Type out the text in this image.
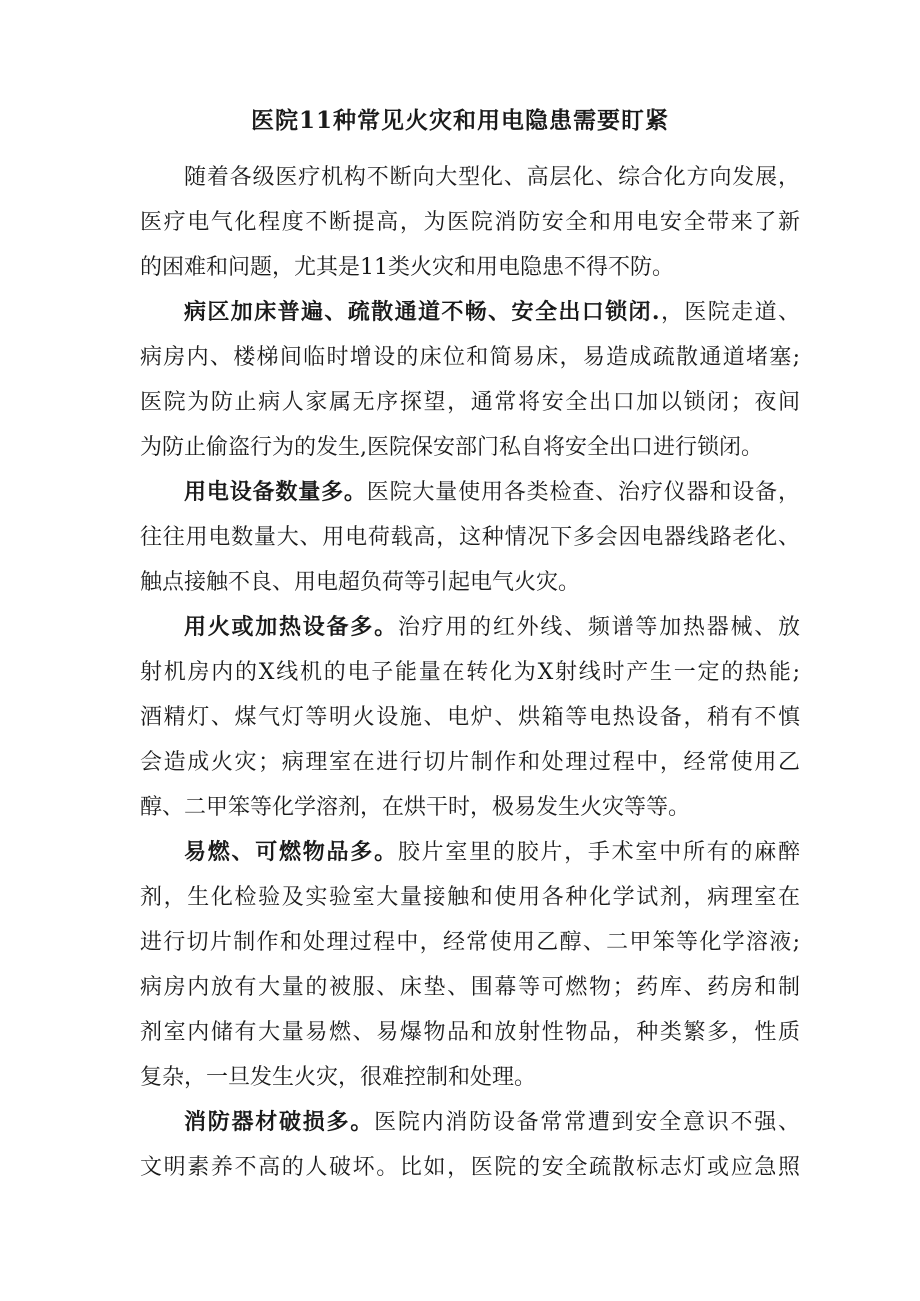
医院11种常见火灾和用电隐患需要盯紧
随着各级医疗机构不断向大型化、高层化、综合化方向发展，
医疗电气化程度不断提高，为医院消防安全和用电安全带来了新
的困难和问题，尤其是11类火灾和用电隐患不得不防。
病区加床普遍、疏散通道不畅、安全出口锁闭.，医院走道、
病房内、楼梯间临时增设的床位和简易床，易造成疏散通道堵塞;
医院为防止病人家属无序探望，通常将安全出口加以锁闭；夜间
为防止偷盗行为的发生,医院保安部门私自将安全出口进行锁闭。
用电设备数量多。医院大量使用各类检查、治疗仪器和设备，
往往用电数量大、用电荷载高，这种情况下多会因电器线路老化、
触点接触不良、用电超负荷等引起电气火灾。
用火或加热设备多。治疗用的红外线、频谱等加热器械、放
射机房内的X线机的电子能量在转化为X射线时产生一定的热能;
酒精灯、煤气灯等明火设施、电炉、烘箱等电热设备，稍有不慎
会造成火灾；病理室在进行切片制作和处理过程中，经常使用乙
醇、二甲笨等化学溶剂，在烘干时，极易发生火灾等等。
易燃、可燃物品多。胶片室里的胶片，手术室中所有的麻醉
剂，生化检验及实验室大量接触和使用各种化学试剂，病理室在
进行切片制作和处理过程中，经常使用乙醇、二甲笨等化学溶液;
病房内放有大量的被服、床垫、围幕等可燃物；药库、药房和制
剂室内储有大量易燃、易爆物品和放射性物品，种类繁多，性质
复杂，一旦发生火灾，很难控制和处理。
消防器材破损多。医院内消防设备常常遭到安全意识不强、
文明素养不高的人破坏。比如，医院的安全疏散标志灯或应急照
